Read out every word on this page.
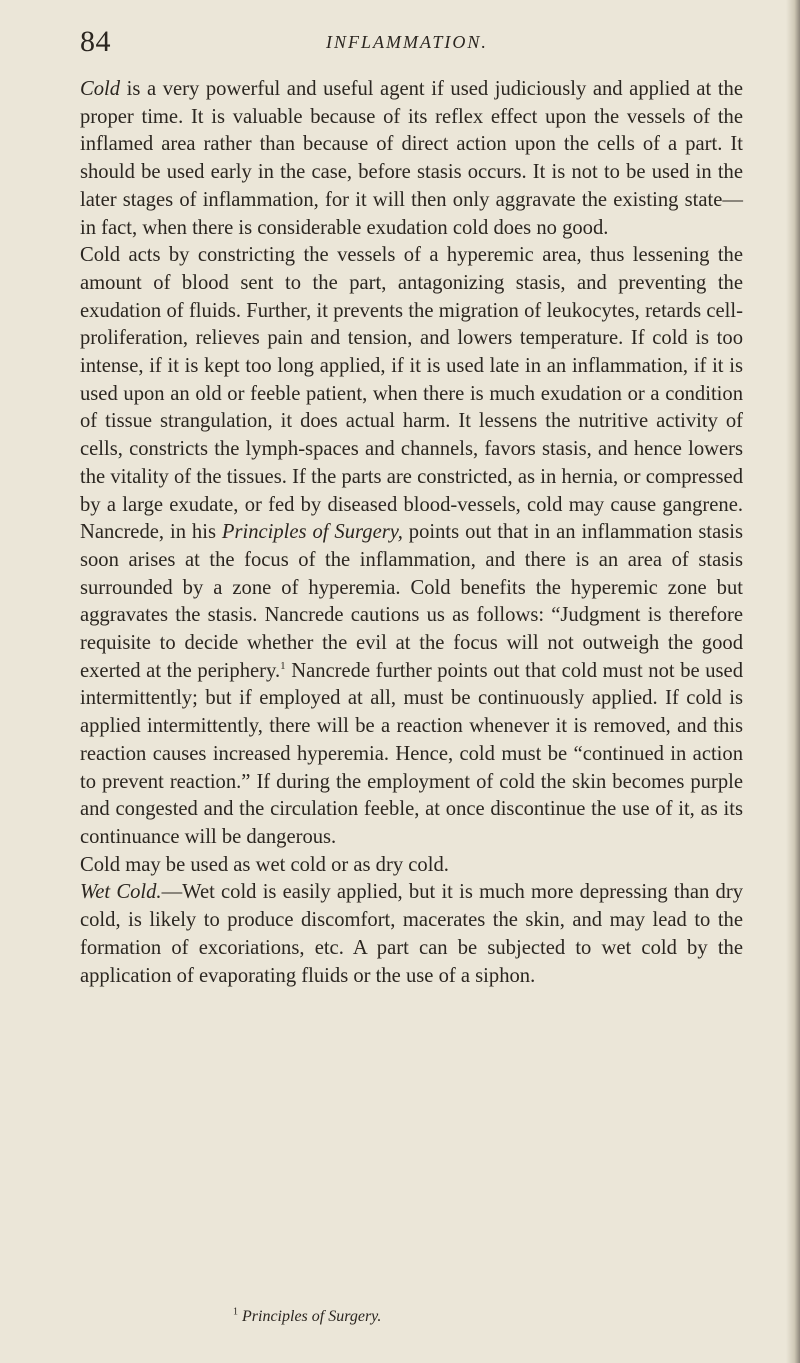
84	INFLAMMATION.

Cold is a very powerful and useful agent if used judiciously and applied at the proper time. It is valuable because of its reflex effect upon the vessels of the inflamed area rather than because of direct action upon the cells of a part. It should be used early in the case, before stasis occurs. It is not to be used in the later stages of inflammation, for it will then only aggravate the existing state—in fact, when there is considerable exudation cold does no good.

Cold acts by constricting the vessels of a hyperemic area, thus lessening the amount of blood sent to the part, antagonizing stasis, and preventing the exudation of fluids. Further, it prevents the migration of leukocytes, retards cell-proliferation, relieves pain and tension, and lowers temperature. If cold is too intense, if it is kept too long applied, if it is used late in an inflammation, if it is used upon an old or feeble patient, when there is much exudation or a condition of tissue strangulation, it does actual harm. It lessens the nutritive activity of cells, constricts the lymph-spaces and channels, favors stasis, and hence lowers the vitality of the tissues. If the parts are constricted, as in hernia, or compressed by a large exudate, or fed by diseased blood-vessels, cold may cause gangrene. Nancrede, in his Principles of Surgery, points out that in an inflammation stasis soon arises at the focus of the inflammation, and there is an area of stasis surrounded by a zone of hyperemia. Cold benefits the hyperemic zone but aggravates the stasis. Nancrede cautions us as follows: “Judgment is therefore requisite to decide whether the evil at the focus will not outweigh the good exerted at the periphery.$^1$ Nancrede further points out that cold must not be used intermittently; but if employed at all, must be continuously applied. If cold is applied intermittently, there will be a reaction whenever it is removed, and this reaction causes increased hyperemia. Hence, cold must be “continued in action to prevent reaction.” If during the employment of cold the skin becomes purple and congested and the circulation feeble, at once discontinue the use of it, as its continuance will be dangerous.

Cold may be used as wet cold or as dry cold.

Wet Cold.—Wet cold is easily applied, but it is much more depressing than dry cold, is likely to produce discomfort, macerates the skin, and may lead to the formation of excoriations, etc. A part can be subjected to wet cold by the application of evaporating fluids or the use of a siphon.

$^1$ Principles of Surgery.
